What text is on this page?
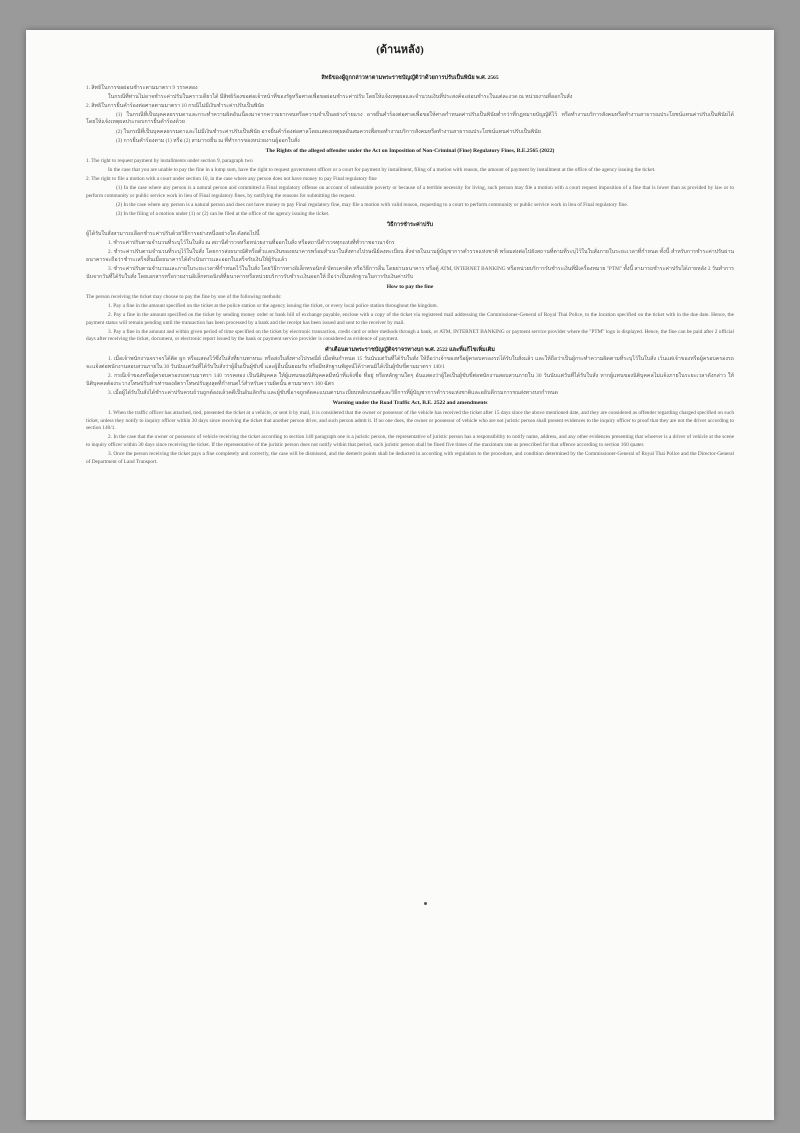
(ด้านหลัง)
สิทธิของผู้ถูกกล่าวหาตามพระราชบัญญัติว่าด้วยการปรับเป็นพินัย พ.ศ. 2565

1. สิทธิในการขอผ่อนชำระตามมาตรา 9 วรรคสอง

ในกรณีที่ท่านไม่อาจชำระค่าปรับในคราวเดียวได้ มีสิทธิร้องขอต่อเจ้าหน้าที่ของรัฐหรือศาลเพื่อขอผ่อนชำระค่าปรับ โดยให้แจ้งเหตุผลและจำนวนเงินที่ประสงค์จะผ่อนชำระในแต่ละงวด ณ หน่วยงานที่ออกใบสั่ง

2. สิทธิในการยื่นคำร้องต่อศาลตามมาตรา 10 กรณีไม่มีเงินชำระค่าปรับเป็นพินัย

(1) ในกรณีที่เป็นบุคคลธรรมดาและกระทำความผิดอันเนื่องมาจากความยากจนหรือความจำเป็นอย่างร้ายแรง อาจยื่นคำร้องต่อศาลเพื่อขอให้ศาลกำหนดค่าปรับเป็นพินัยต่ำกว่าที่กฎหมายบัญญัติไว้ หรือทำงานบริการสังคมหรือทำงานสาธารณประโยชน์แทนค่าปรับเป็นพินัยได้ โดยให้แจ้งเหตุผลประกอบการยื่นคำร้องด้วย

(2) ในกรณีที่เป็นบุคคลธรรมดาและไม่มีเงินชำระค่าปรับเป็นพินัย อาจยื่นคำร้องต่อศาลโดยแสดงเหตุผลอันสมควรเพื่อขอทำงานบริการสังคมหรือทำงานสาธารณประโยชน์แทนค่าปรับเป็นพินัย

(3) การยื่นคำร้องตาม (1) หรือ (2) สามารถยื่น ณ ที่ทำการของหน่วยงานผู้ออกใบสั่ง

The Rights of the alleged offender under the Act on Imposition of Non-Criminal (Fine) Regulatory Fines, B.E.2565 (2022)

1. The right to request payment by installments under section 9, paragraph two

In the case that you are unable to pay the fine in a lump sum, have the right to request government officer or a court for payment by installment, filing of a motion with reason, the amount of payment by installment at the office of the agency issuing the ticket.

2. The right to file a motion with a court under section 10, in the case where any person does not have money to pay Final regulatory fine

(1) In the case where any person is a natural person and committed a Final regulatory offense on account of unbearable poverty or because of a terrible necessity for living, such person may file a motion with a court request imposition of a fine that is lower than as provided by law or to perform community or public service work in lieu of Final regulatory fines, by notifying the reasons for submitting the request.

(2) In the case where any person is a natural person and does not have money to pay Final regulatory fine, may file a motion with valid reason, requesting to a court to perform community or public service work in lieu of Final regulatory fine.

(3) In the filing of a motion under (1) or (2) can be filed at the office of the agency issuing the ticket.

วิธีการชำระค่าปรับ

ผู้ได้รับใบสั่งสามารถเลือกชำระค่าปรับด้วยวิธีการอย่างหนึ่งอย่างใด ดังต่อไปนี้

1. ชำระค่าปรับตามจำนวนที่ระบุไว้ในใบสั่ง ณ สถานีตำรวจหรือหน่วยงานที่ออกใบสั่ง หรือสถานีตำรวจทุกแห่งที่ทั่วราชอาณาจักร

2. ชำระค่าปรับตามจำนวนที่ระบุไว้ในใบสั่ง โดยการส่งธนาณัติหรือตั๋วแลกเงินของธนาคารพร้อมสำเนาใบสั่งทางไปรษณีย์ลงทะเบียน สั่งจ่ายในนามผู้บัญชาการตำรวจแห่งชาติ พร้อมส่งต่อไปยังสถานที่ตามที่ระบุไว้ในใบสั่งภายในระยะเวลาที่กำหนด ทั้งนี้ สำหรับการชำระค่าปรับผ่านธนาคารจะถือว่าชำระเสร็จสิ้นเมื่อธนาคารได้ดำเนินการและออกใบเสร็จรับเงินให้ผู้รับแล้ว

3. ชำระค่าปรับตามจำนวนและภายในระยะเวลาที่กำหนดไว้ในใบสั่ง โดยวิธีการทางอิเล็กทรอนิกส์ บัตรเครดิต หรือวิธีการอื่น โดยผ่านธนาคาร หรือตู้ ATM, INTERNET BANKING หรือหน่วยบริการรับชำระเงินที่มีเครื่องหมาย "PTM" ทั้งนี้ สามารถชำระค่าปรับได้ภายหลัง 2 วันทำการนับจากวันที่ได้รับใบสั่ง โดยเอกสารหรือรายงานอิเล็กทรอนิกส์ที่ธนาคารหรือหน่วยบริการรับชำระเงินออกให้ ถือว่าเป็นหลักฐานในการรับเงินค่าปรับ

How to pay the fine

The person receiving the ticket may choose to pay the fine by one of the following methods:

1. Pay a fine in the amount specified on the ticket at the police station or the agency issuing the ticket, or every local police station throughout the kingdom.

2. Pay a fine in the amount specified on the ticket by sending money order or bank bill of exchange payable, enclose with a copy of the ticket via registered mail addressing the Commissioner-General of Royal Thai Police, to the location specified on the ticket with in the due date. Hence, the payment status will remain pending until the transaction has been processed by a bank and the receipt has been issued and sent to the receiver by mail.

3. Pay a fine in the amount and within given period of time specified on the ticket by electronic transaction, credit card or other methods through a bank, or ATM, INTERNET BANKING or payment service provider where the "PTM" logo is displayed. Hence, the fine can be paid after 2 official days after receiving the ticket, document, or electronic report issued by the bank or payment service provider is considered as evidence of payment.

คำเตือนตามพระราชบัญญัติจราจรทางบก พ.ศ. 2522 และที่แก้ไขเพิ่มเติม

1. เมื่อเจ้าพนักงานจราจรได้ติด ผูก หรือแสดงไว้ซึ่งใบสั่งที่ยานพาหนะ หรือส่งใบสั่งทางไปรษณีย์ เมื่อพ้นกำหนด 15 วันนับแต่วันที่ได้รับใบสั่ง ให้ถือว่าเจ้าของหรือผู้ครอบครองรถได้รับใบสั่งแล้ว และให้ถือว่าเป็นผู้กระทำความผิดตามที่ระบุไว้ในใบสั่ง เว้นแต่เจ้าของหรือผู้ครอบครองรถจะแจ้งต่อพนักงานสอบสวนภายใน 30 วันนับแต่วันที่ได้รับใบสั่งว่าผู้อื่นเป็นผู้ขับขี่ และผู้อื่นนั้นยอมรับ หรือมีหลักฐานพิสูจน์ได้ว่าตนมิได้เป็นผู้ขับขี่ตามมาตรา 140/1

2. กรณีเจ้าของหรือผู้ครอบครองรถตามมาตรา 140 วรรคสอง เป็นนิติบุคคล ให้ผู้แทนของนิติบุคคลมีหน้าที่แจ้งชื่อ ที่อยู่ หรือหลักฐานใดๆ อันแสดงว่าผู้ใดเป็นผู้ขับขี่ต่อพนักงานสอบสวนภายใน 30 วันนับแต่วันที่ได้รับใบสั่ง หากผู้แทนของนิติบุคคลไม่แจ้งภายในระยะเวลาดังกล่าว ให้นิติบุคคลต้องระวางโทษปรับห้าเท่าของอัตราโทษปรับสูงสุดที่กำหนดไว้สำหรับความผิดนั้น ตามมาตรา 160 ฉัตร

3. เมื่อผู้ได้รับใบสั่งได้ชำระค่าปรับครบถ้วนถูกต้องแล้วคดีเป็นอันเลิกกัน และผู้ขับขี่อาจถูกตัดคะแนนตามระเบียบหลักเกณฑ์และวิธีการที่ผู้บัญชาการตำรวจแห่งชาติและอธิบดีกรมการขนส่งทางบกกำหนด

Warning under the Road Traffic Act, B.E. 2522 and amendments

1. When the traffic officer has attached, tied, presented the ticket at a vehicle, or sent it by mail, it is considered that the owner or possessor of the vehicle has received the ticket after 15 days since the above mentioned date, and they are considered as offender regarding charged specified on such ticket, unless they notify to inquiry officer within 30 days since receiving the ticket that another person drive, and such person admit it. If no one does, the owner or possessor of vehicle who are not juristic person shall present evidences to the inquiry officer to proof that they are not the driver according to section 140/1.

2. In the case that the owner or possessor of vehicle receiving the ticket according to section 140 paragraph one is a juristic person, the representative of juristic person has a responsibility to notify name, address, and any other evidences presenting that whoever is a driver of vehicle at the scene to inquiry officer within 30 days since receiving the ticket. If the representative of the juristic person does not notify within that period, such juristic person shall be fined five times of the maximum rate as prescribed for that offence according to section 160 quater.

3. Once the person receiving the ticket pays a fine completely and correctly, the case will be dismissed, and the demerit points shall be deducted in according with regulation to the procedure, and condition determined by the Commissioner-General of Royal Thai Police and the Director-General of Department of Land Transport.
